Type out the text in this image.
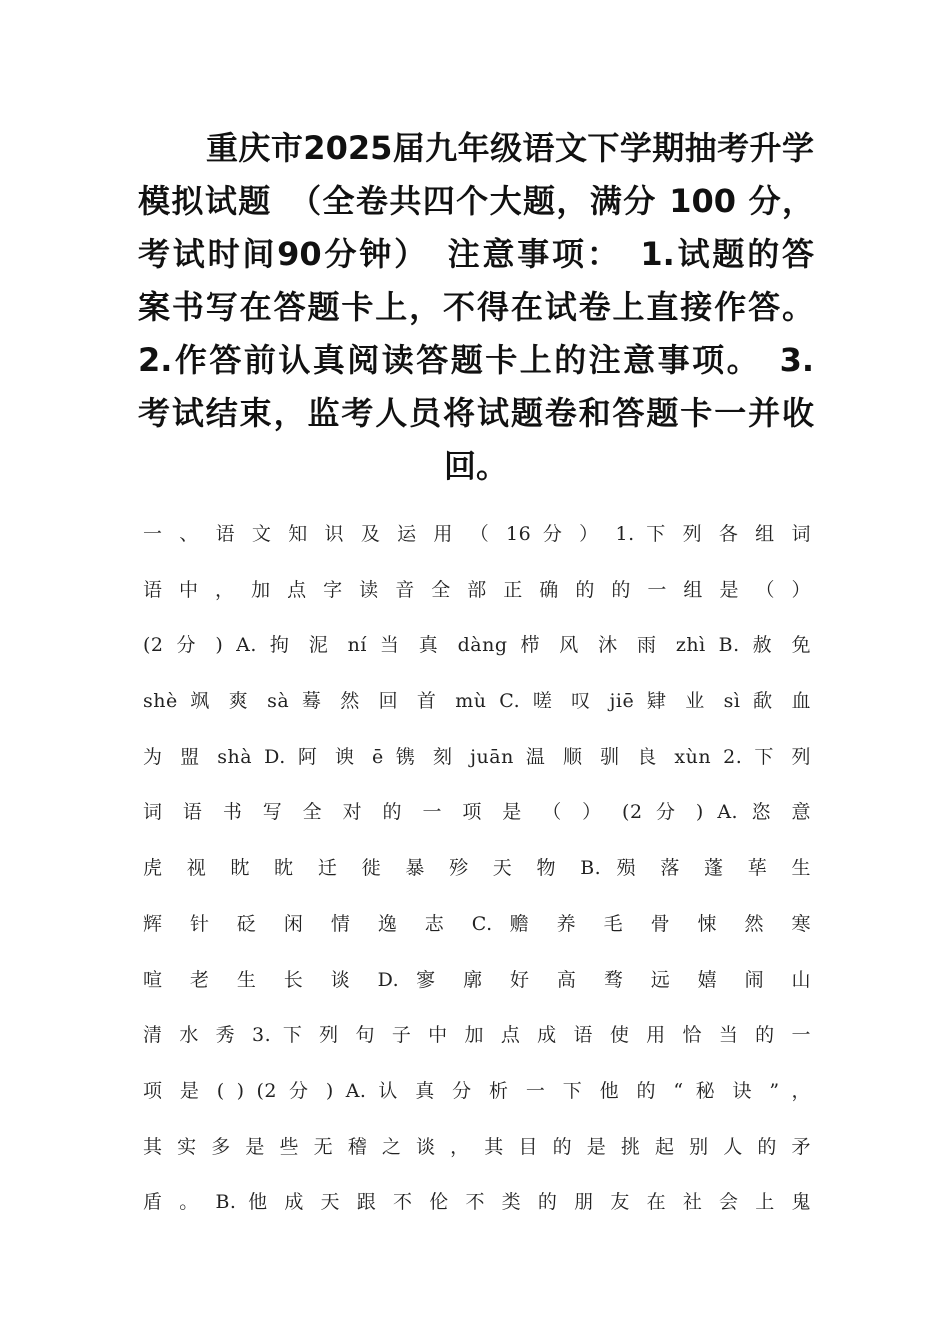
重庆市2025届九年级语文下学期抽考升学
模拟试题　（全卷共四个大题，满分 100 分，
考试时间90分钟）　注意事项：　1.试题的答
案书写在答题卡上，不得在试卷上直接作答。
2.作答前认真阅读答题卡上的注意事项。　3.
考试结束，监考人员将试题卷和答题卡一并收
回。
一 、 语 文 知 识 及 运 用 （ 16 分 ） 1. 下 列 各 组 词
语 中 ， 加 点 字 读 音 全 部 正 确 的 的 一 组 是 （ ）
(2 分 ) A. 拘 泥 ní 当 真 dàng 栉 风 沐 雨 zhì B. 赦 免
shè 飒 爽 sà 蓦 然 回 首 mù C. 嗟 叹 jiē 肄 业 sì 歃 血
为 盟 shà D. 阿 谀 ē 镌 刻 juān 温 顺 驯 良 xùn 2. 下 列
词 语 书 写 全 对 的 一 项 是 （ ） (2 分 ) A. 恣 意
虎 视 眈 眈 迁 徙 暴 殄 天 物 B. 殒 落 蓬 荜 生
辉 针 砭 闲 情 逸 志 C. 赡 养 毛 骨 悚 然 寒
喧 老 生 长 谈 D. 寥 廓 好 高 骛 远 嬉 闹 山
清 水 秀 3. 下 列 句 子 中 加 点 成 语 使 用 恰 当 的 一
项 是 ( ) (2 分 ) A. 认 真 分 析 一 下 他 的 “ 秘 诀 ” ，
其 实 多 是 些 无 稽 之 谈 ， 其 目 的 是 挑 起 别 人 的 矛
盾 。 B. 他 成 天 跟 不 伦 不 类 的 朋 友 在 社 会 上 鬼
